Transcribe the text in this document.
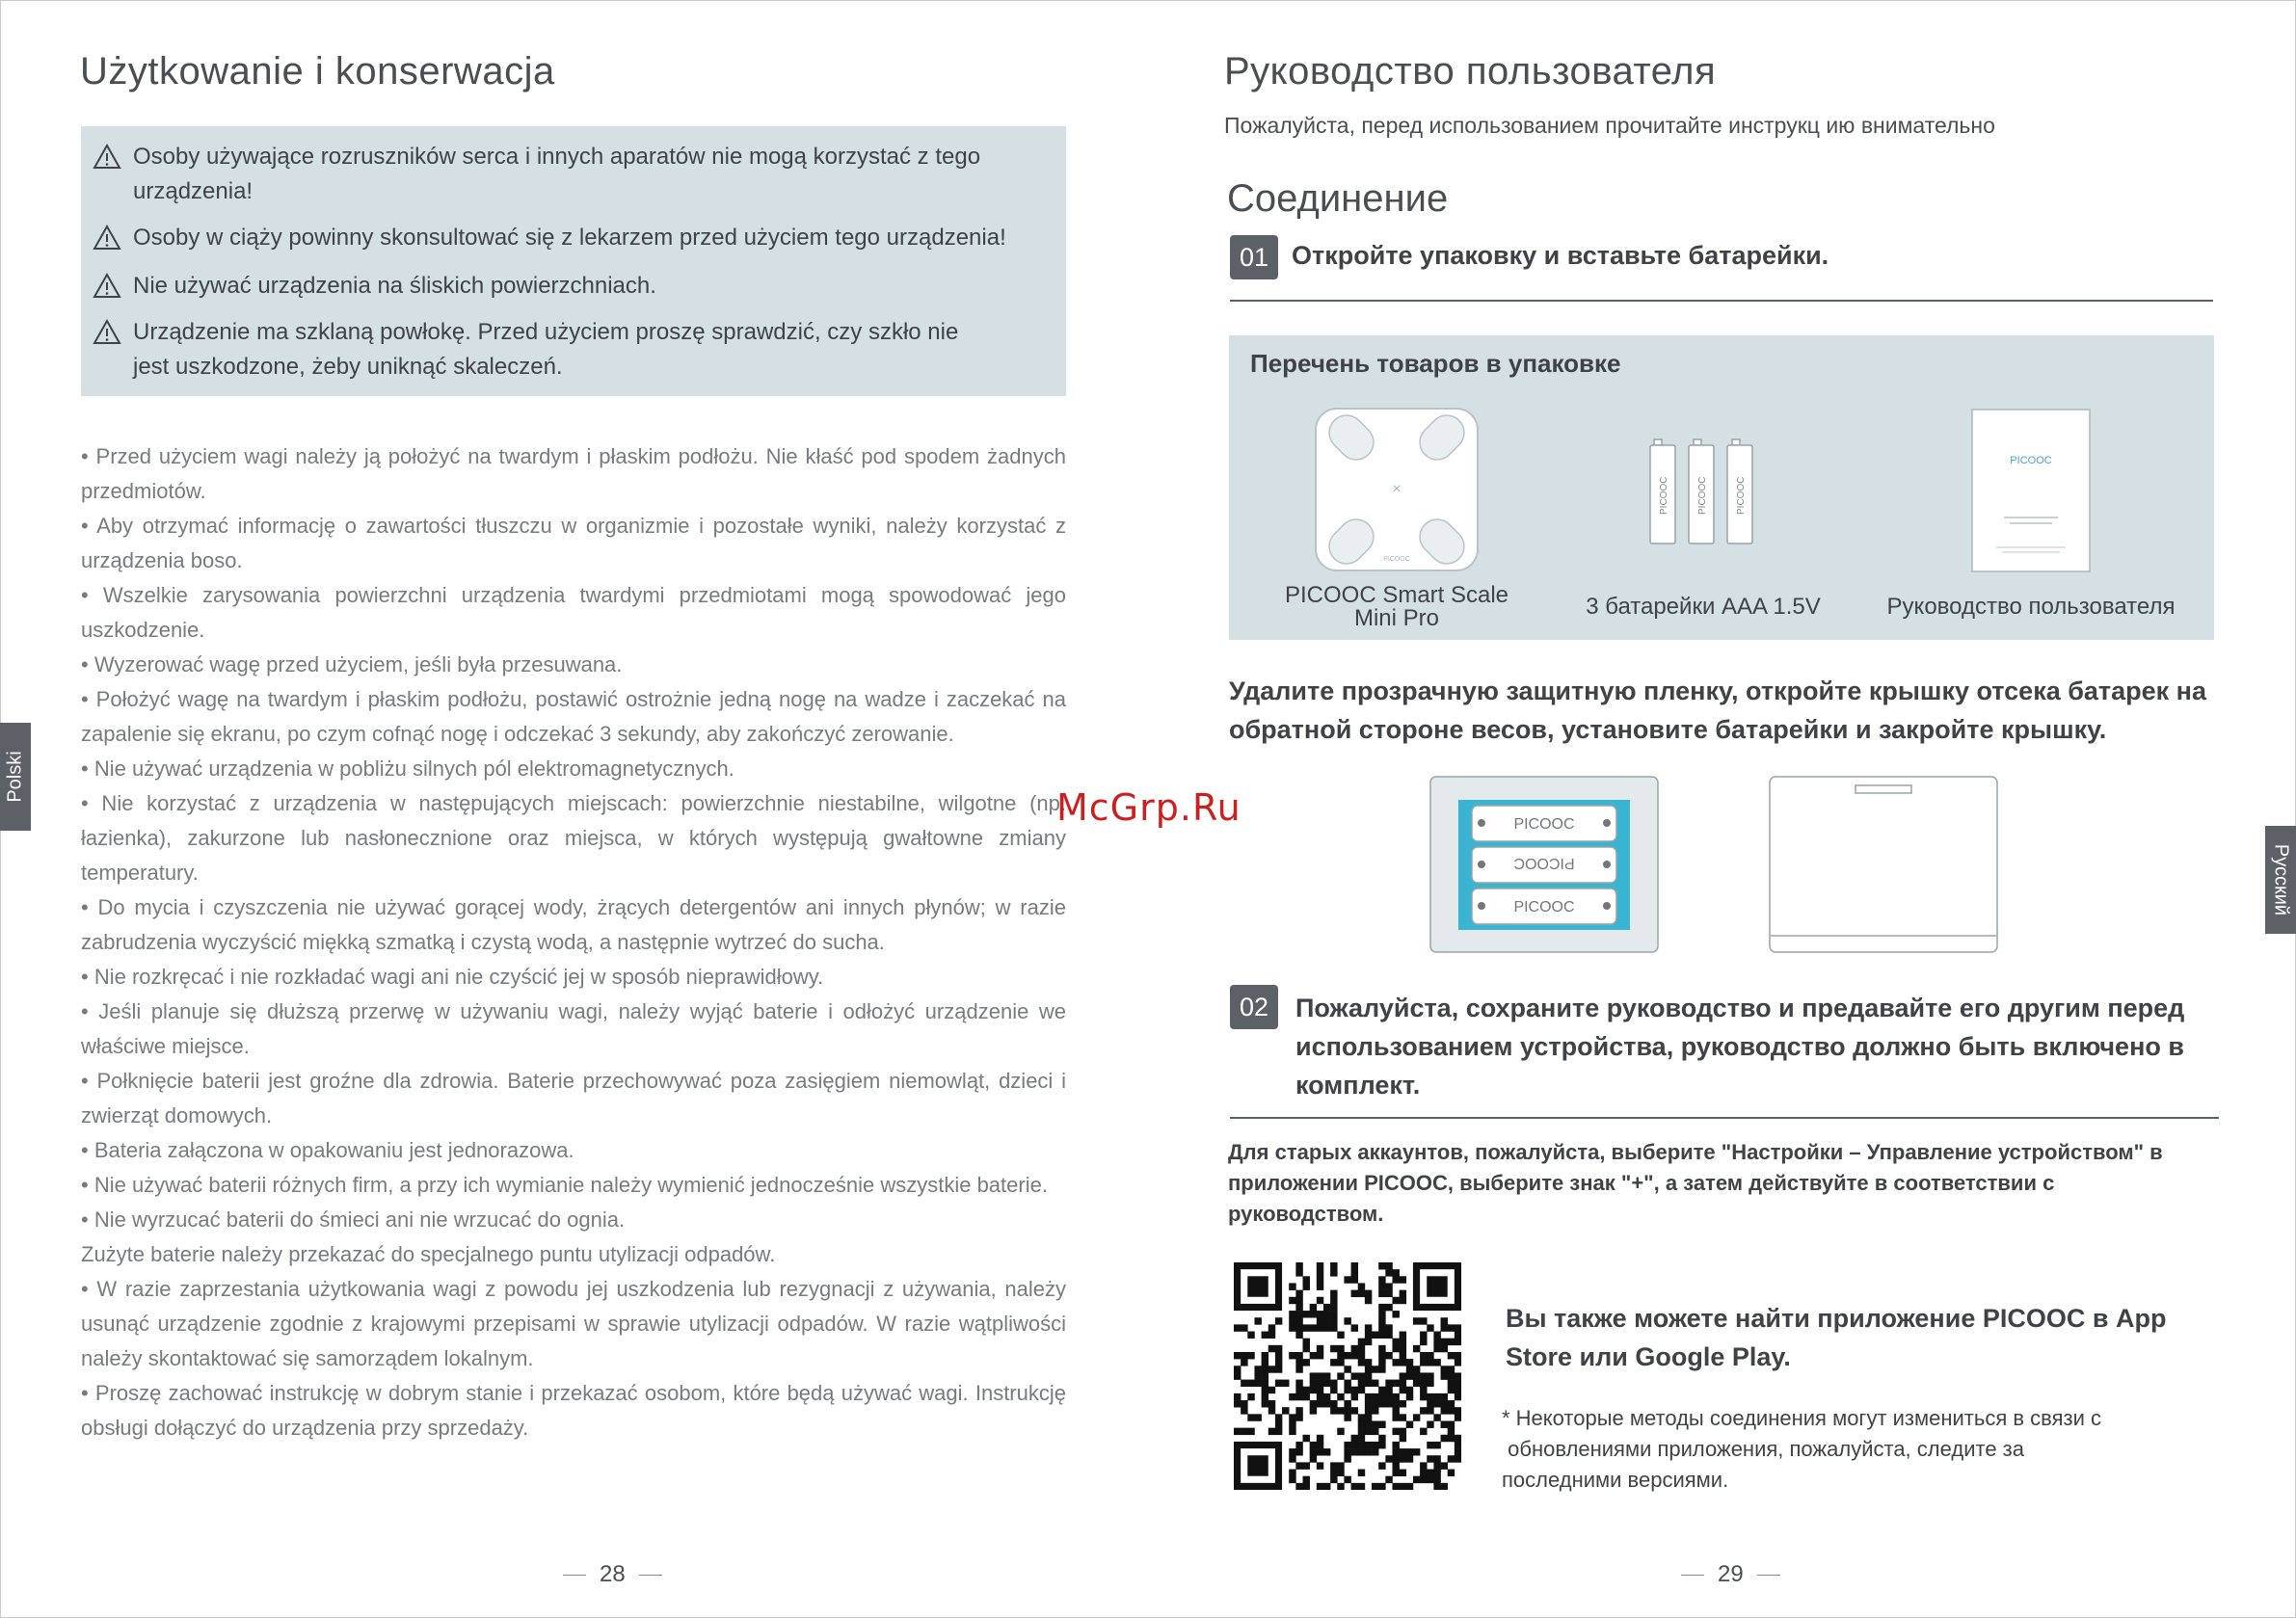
Użytkowanie i konserwacja
Osoby używające rozruszników serca i innych aparatów nie mogą korzystać z tego
urządzenia!
Osoby w ciąży powinny skonsultować się z lekarzem przed użyciem tego urządzenia!
Nie używać urządzenia na śliskich powierzchniach.
Urządzenie ma szklaną powłokę. Przed użyciem proszę sprawdzić, czy szkło nie
jest uszkodzone, żeby uniknąć skaleczeń.

• Przed użyciem wagi należy ją położyć na twardym i płaskim podłożu. Nie kłaść pod spodem żadnych przedmiotów.

• Aby otrzymać informację o zawartości tłuszczu w organizmie i pozostałe wyniki, należy korzystać z urządzenia boso.

• Wszelkie zarysowania powierzchni urządzenia twardymi przedmiotami mogą spowodować jego uszkodzenie.

• Wyzerować wagę przed użyciem, jeśli była przesuwana.

• Położyć wagę na twardym i płaskim podłożu, postawić ostrożnie jedną nogę na wadze i zaczekać na zapalenie się ekranu, po czym cofnąć nogę i odczekać 3 sekundy, aby zakończyć zerowanie.

• Nie używać urządzenia w pobliżu silnych pól elektromagnetycznych.

• Nie korzystać z urządzenia w następujących miejscach: powierzchnie niestabilne, wilgotne (np. łazienka), zakurzone lub nasłonecznione oraz miejsca, w których występują gwałtowne zmiany temperatury.

• Do mycia i czyszczenia nie używać gorącej wody, żrących detergentów ani innych płynów; w razie zabrudzenia wyczyścić miękką szmatką i czystą wodą, a następnie wytrzeć do sucha.

• Nie rozkręcać i nie rozkładać wagi ani nie czyścić jej w sposób nieprawidłowy.

• Jeśli planuje się dłuższą przerwę w używaniu wagi, należy wyjąć baterie i odłożyć urządzenie we właściwe miejsce.

• Połknięcie baterii jest groźne dla zdrowia. Baterie przechowywać poza zasięgiem niemowląt, dzieci i zwierząt domowych.

• Bateria załączona w opakowaniu jest jednorazowa.

• Nie używać baterii różnych firm, a przy ich wymianie należy wymienić jednocześnie wszystkie baterie.

• Nie wyrzucać baterii do śmieci ani nie wrzucać do ognia.

Zużyte baterie należy przekazać do specjalnego puntu utylizacji odpadów.

• W razie zaprzestania użytkowania wagi z powodu jej uszkodzenia lub rezygnacji z używania, należy usunąć urządzenie zgodnie z krajowymi przepisami w sprawie utylizacji odpadów. W razie wątpliwości należy skontaktować się samorządem lokalnym.

• Proszę zachować instrukcję w dobrym stanie i przekazać osobom, które będą używać wagi. Instrukcję obsługi dołączyć do urządzenia przy sprzedaży.

Polski
28
Руководство пользователя
Пожалуйста, перед использованием прочитайте инструкц ию внимательно
Соединение
01 Откройте упаковку и вставьте батарейки.
Перечень товаров в упаковке
×
PICOOC
PICOOC	PICOOC	PICOOC
PICOOC
PICOOC Smart Scale
Mini Pro	3 батарейки AAA 1.5V	Руководство пользователя
Удалите прозрачную защитную пленку, откройте крышку отсека батарек на обратной стороне весов, установите батарейки и закройте крышку.
PICOOC
PICOOC
PICOOC
02	Пожалуйста, сохраните руководство и предавайте его другим перед использованием устройства, руководство должно быть включено в комплект.
Для старых аккаунтов, пожалуйста, выберите "Настройки – Управление устройством" в приложении PICOOC, выберите знак "+", а затем действуйте в соответствии с руководством.
Вы также можете найти приложение PICOOC в App Store или Google Play.
* Некоторые методы соединения могут измениться в связи с
обновлениями приложения, пожалуйста, следите за
последними версиями.
Русский
29
McGrp.Ru
